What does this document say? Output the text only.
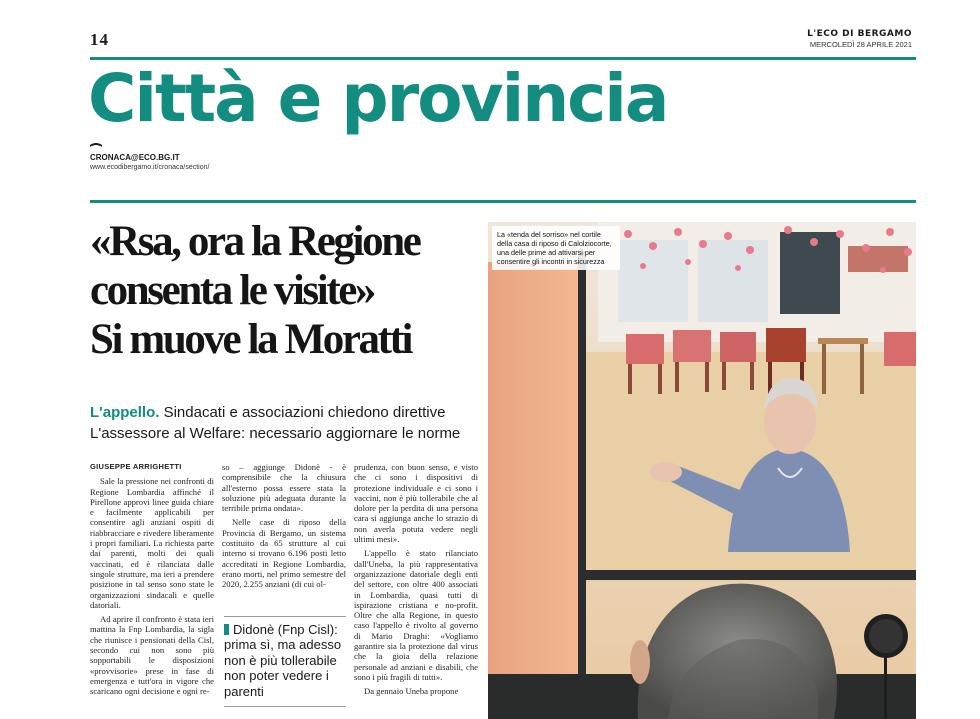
14	L'ECO DI BERGAMO
MERCOLEDÌ 28 APRILE 2021
Città e provincia
CRONACA@ECO.BG.IT
www.ecodibergamo.it/cronaca/section/
«Rsa, ora la Regione
consenta le visite»
Si muove la Moratti
L'appello. Sindacati e associazioni chiedono direttive
L'assessore al Welfare: necessario aggiornare le norme

GIUSEPPE ARRIGHETTI

Sale la pressione nei confronti di Regione Lombardia affinché il Pirellone approvi linee guida chiare e facilmente applicabili per consentire agli anziani ospiti di riabbracciare e rivedere liberamente i propri familiari. La richiesta parte dai parenti, molti dei quali vaccinati, ed è rilanciata dalle singole strutture, ma ieri a prendere posizione in tal senso sono state le organizzazioni sindacali e quelle datoriali.

Ad aprire il confronto è stata ieri mattina la Fnp Lombardia, la sigla che riunisce i pensionati della Cisl, secondo cui non sono più sopportabili le disposizioni «provvisorie» prese in fase di emergenza e tutt'ora in vigore che scaricano ogni decisione e ogni re-

so – aggiunge Didonè - è comprensibile che la chiusura all'esterno possa essere stata la soluzione più adeguata durante la terribile prima ondata».

Nelle case di riposo della Provincia di Bergamo, un sistema costituito da 65 strutture al cui interno si trovano 6.196 posti letto accreditati in Regione Lombardia, erano morti, nel primo semestre del 2020, 2.255 anziani (di cui ol-

Didonè (Fnp Cisl): prima sì, ma adesso non è più tollerabile non poter vedere i parenti

prudenza, con buon senso, e visto che ci sono i dispositivi di protezione individuale e ci sono i vaccini, non è più tollerabile che al dolore per la perdita di una persona cara si aggiunga anche lo strazio di non averla potuta vedere negli ultimi mesi».

L'appello è stato rilanciato dall'Uneba, la più rappresentativa organizzazione datoriale degli enti del settore, con oltre 400 associati in Lombardia, quasi tutti di ispirazione cristiana e no-profit. Oltre che alla Regione, in questo caso l'appello è rivolto al governo di Mario Draghi: «Vogliamo garantire sia la protezione dal virus che la gioia della relazione personale ad anziani e disabili, che sono i più fragili di tutti».

Da gennaio Uneba propone

La «tenda del sorriso» nel cortile della casa di riposo di Calolziocorte, una delle prime ad attivarsi per consentire gli incontri in sicurezza
